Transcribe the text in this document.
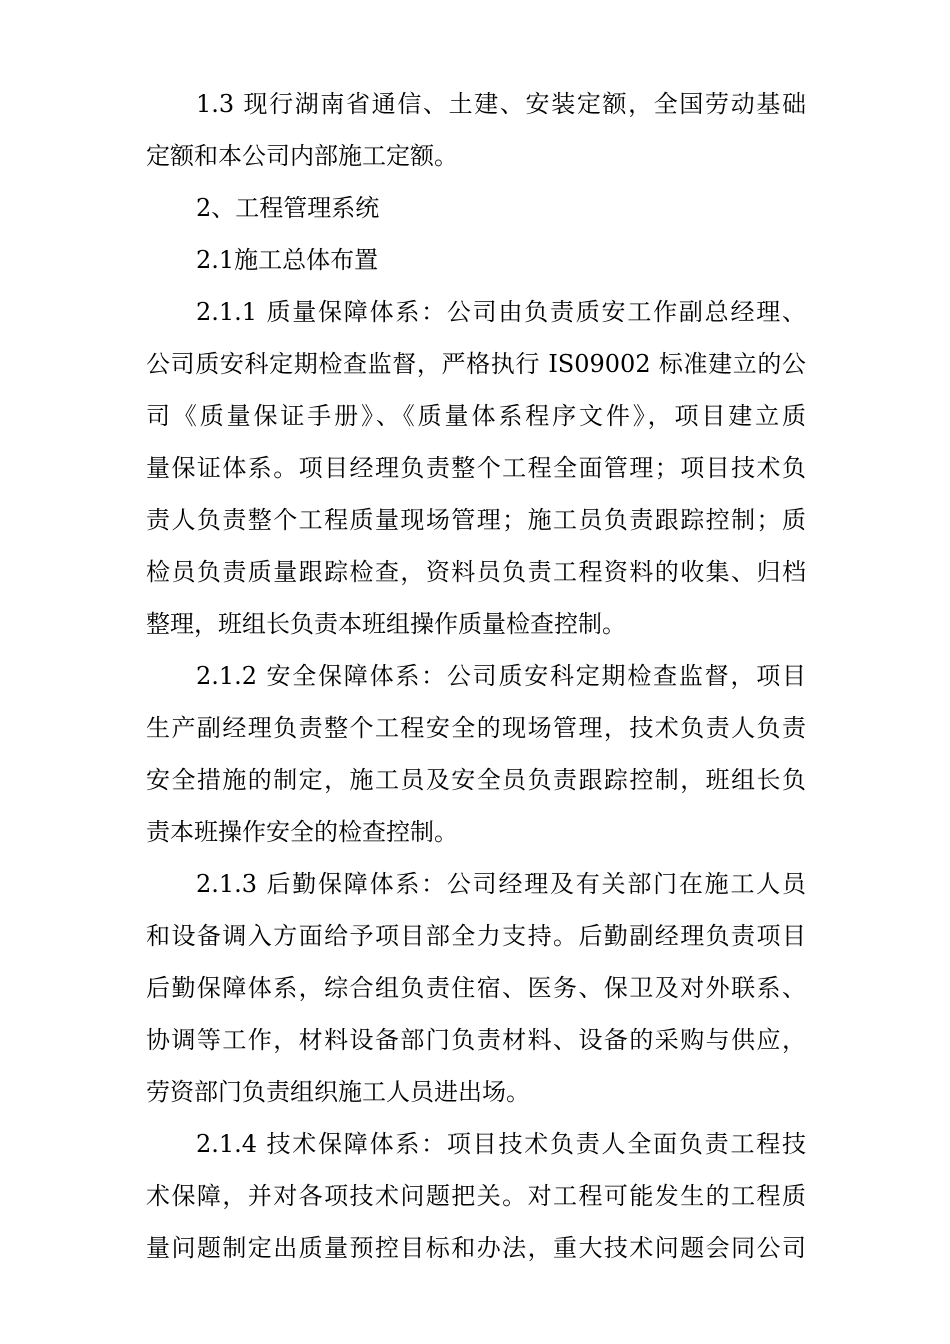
1.3 现行湖南省通信、土建、安装定额，全国劳动基础
定额和本公司内部施工定额。
2、工程管理系统
2.1施工总体布置
2.1.1 质量保障体系：公司由负责质安工作副总经理、
公司质安科定期检查监督，严格执行 IS09002 标准建立的公
司《质量保证手册》、《质量体系程序文件》，项目建立质
量保证体系。项目经理负责整个工程全面管理；项目技术负
责人负责整个工程质量现场管理；施工员负责跟踪控制；质
检员负责质量跟踪检查，资料员负责工程资料的收集、归档
整理，班组长负责本班组操作质量检查控制。
2.1.2 安全保障体系：公司质安科定期检查监督，项目
生产副经理负责整个工程安全的现场管理，技术负责人负责
安全措施的制定，施工员及安全员负责跟踪控制，班组长负
责本班操作安全的检查控制。
2.1.3 后勤保障体系：公司经理及有关部门在施工人员
和设备调入方面给予项目部全力支持。后勤副经理负责项目
后勤保障体系，综合组负责住宿、医务、保卫及对外联系、
协调等工作，材料设备部门负责材料、设备的采购与供应，
劳资部门负责组织施工人员进出场。
2.1.4 技术保障体系：项目技术负责人全面负责工程技
术保障，并对各项技术问题把关。对工程可能发生的工程质
量问题制定出质量预控目标和办法，重大技术问题会同公司
